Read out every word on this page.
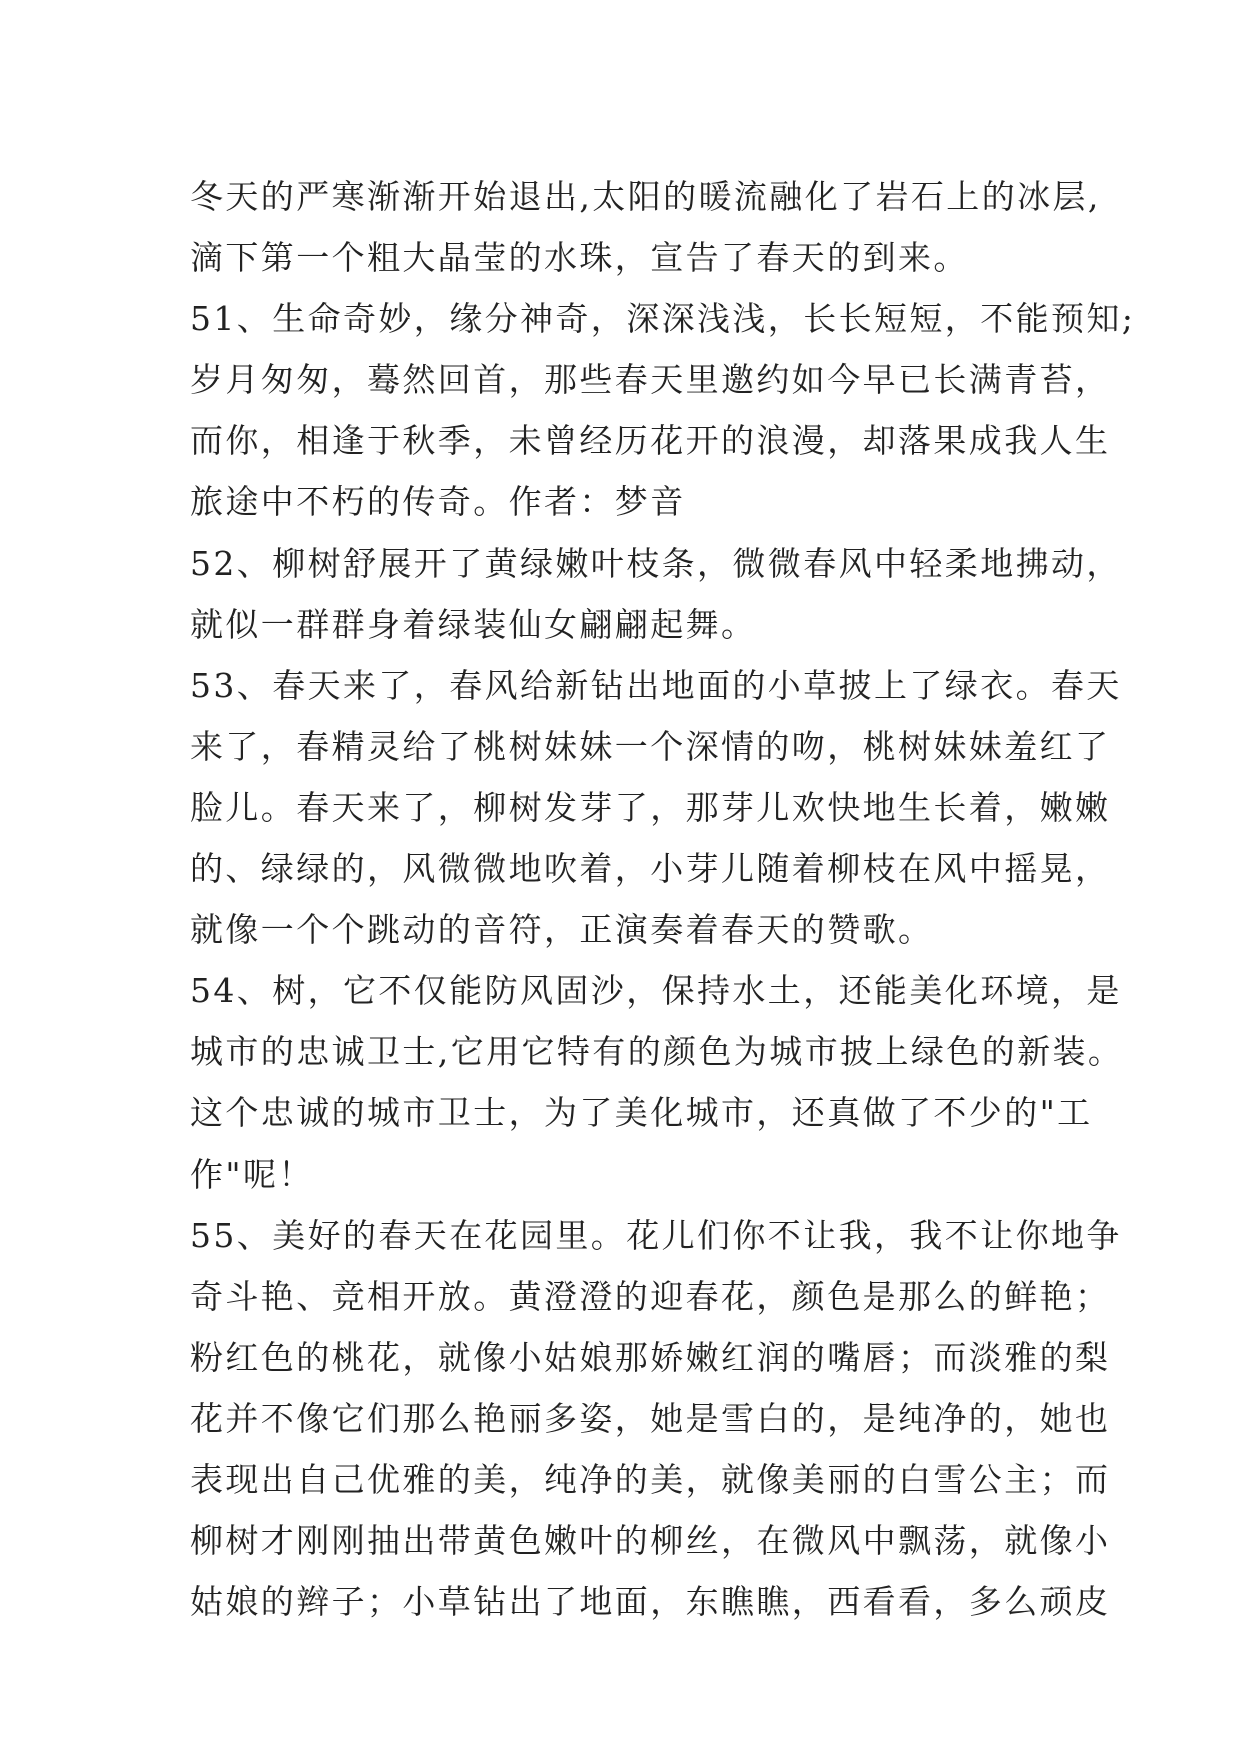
冬天的严寒渐渐开始退出,太阳的暖流融化了岩石上的冰层,
滴下第一个粗大晶莹的水珠，宣告了春天的到来。
51、生命奇妙，缘分神奇，深深浅浅，长长短短，不能预知;
岁月匆匆，蓦然回首，那些春天里邀约如今早已长满青苔，
而你，相逢于秋季，未曾经历花开的浪漫，却落果成我人生
旅途中不朽的传奇。作者：梦音
52、柳树舒展开了黄绿嫩叶枝条，微微春风中轻柔地拂动，
就似一群群身着绿装仙女翩翩起舞。
53、春天来了，春风给新钻出地面的小草披上了绿衣。春天
来了，春精灵给了桃树妹妹一个深情的吻，桃树妹妹羞红了
脸儿。春天来了，柳树发芽了，那芽儿欢快地生长着，嫩嫩
的、绿绿的，风微微地吹着，小芽儿随着柳枝在风中摇晃，
就像一个个跳动的音符，正演奏着春天的赞歌。
54、树，它不仅能防风固沙，保持水土，还能美化环境，是
城市的忠诚卫士,它用它特有的颜色为城市披上绿色的新装。
这个忠诚的城市卫士，为了美化城市，还真做了不少的"工
作"呢！
55、美好的春天在花园里。花儿们你不让我，我不让你地争
奇斗艳、竞相开放。黄澄澄的迎春花，颜色是那么的鲜艳；
粉红色的桃花，就像小姑娘那娇嫩红润的嘴唇；而淡雅的梨
花并不像它们那么艳丽多姿，她是雪白的，是纯净的，她也
表现出自己优雅的美，纯净的美，就像美丽的白雪公主；而
柳树才刚刚抽出带黄色嫩叶的柳丝，在微风中飘荡，就像小
姑娘的辫子；小草钻出了地面，东瞧瞧，西看看，多么顽皮
